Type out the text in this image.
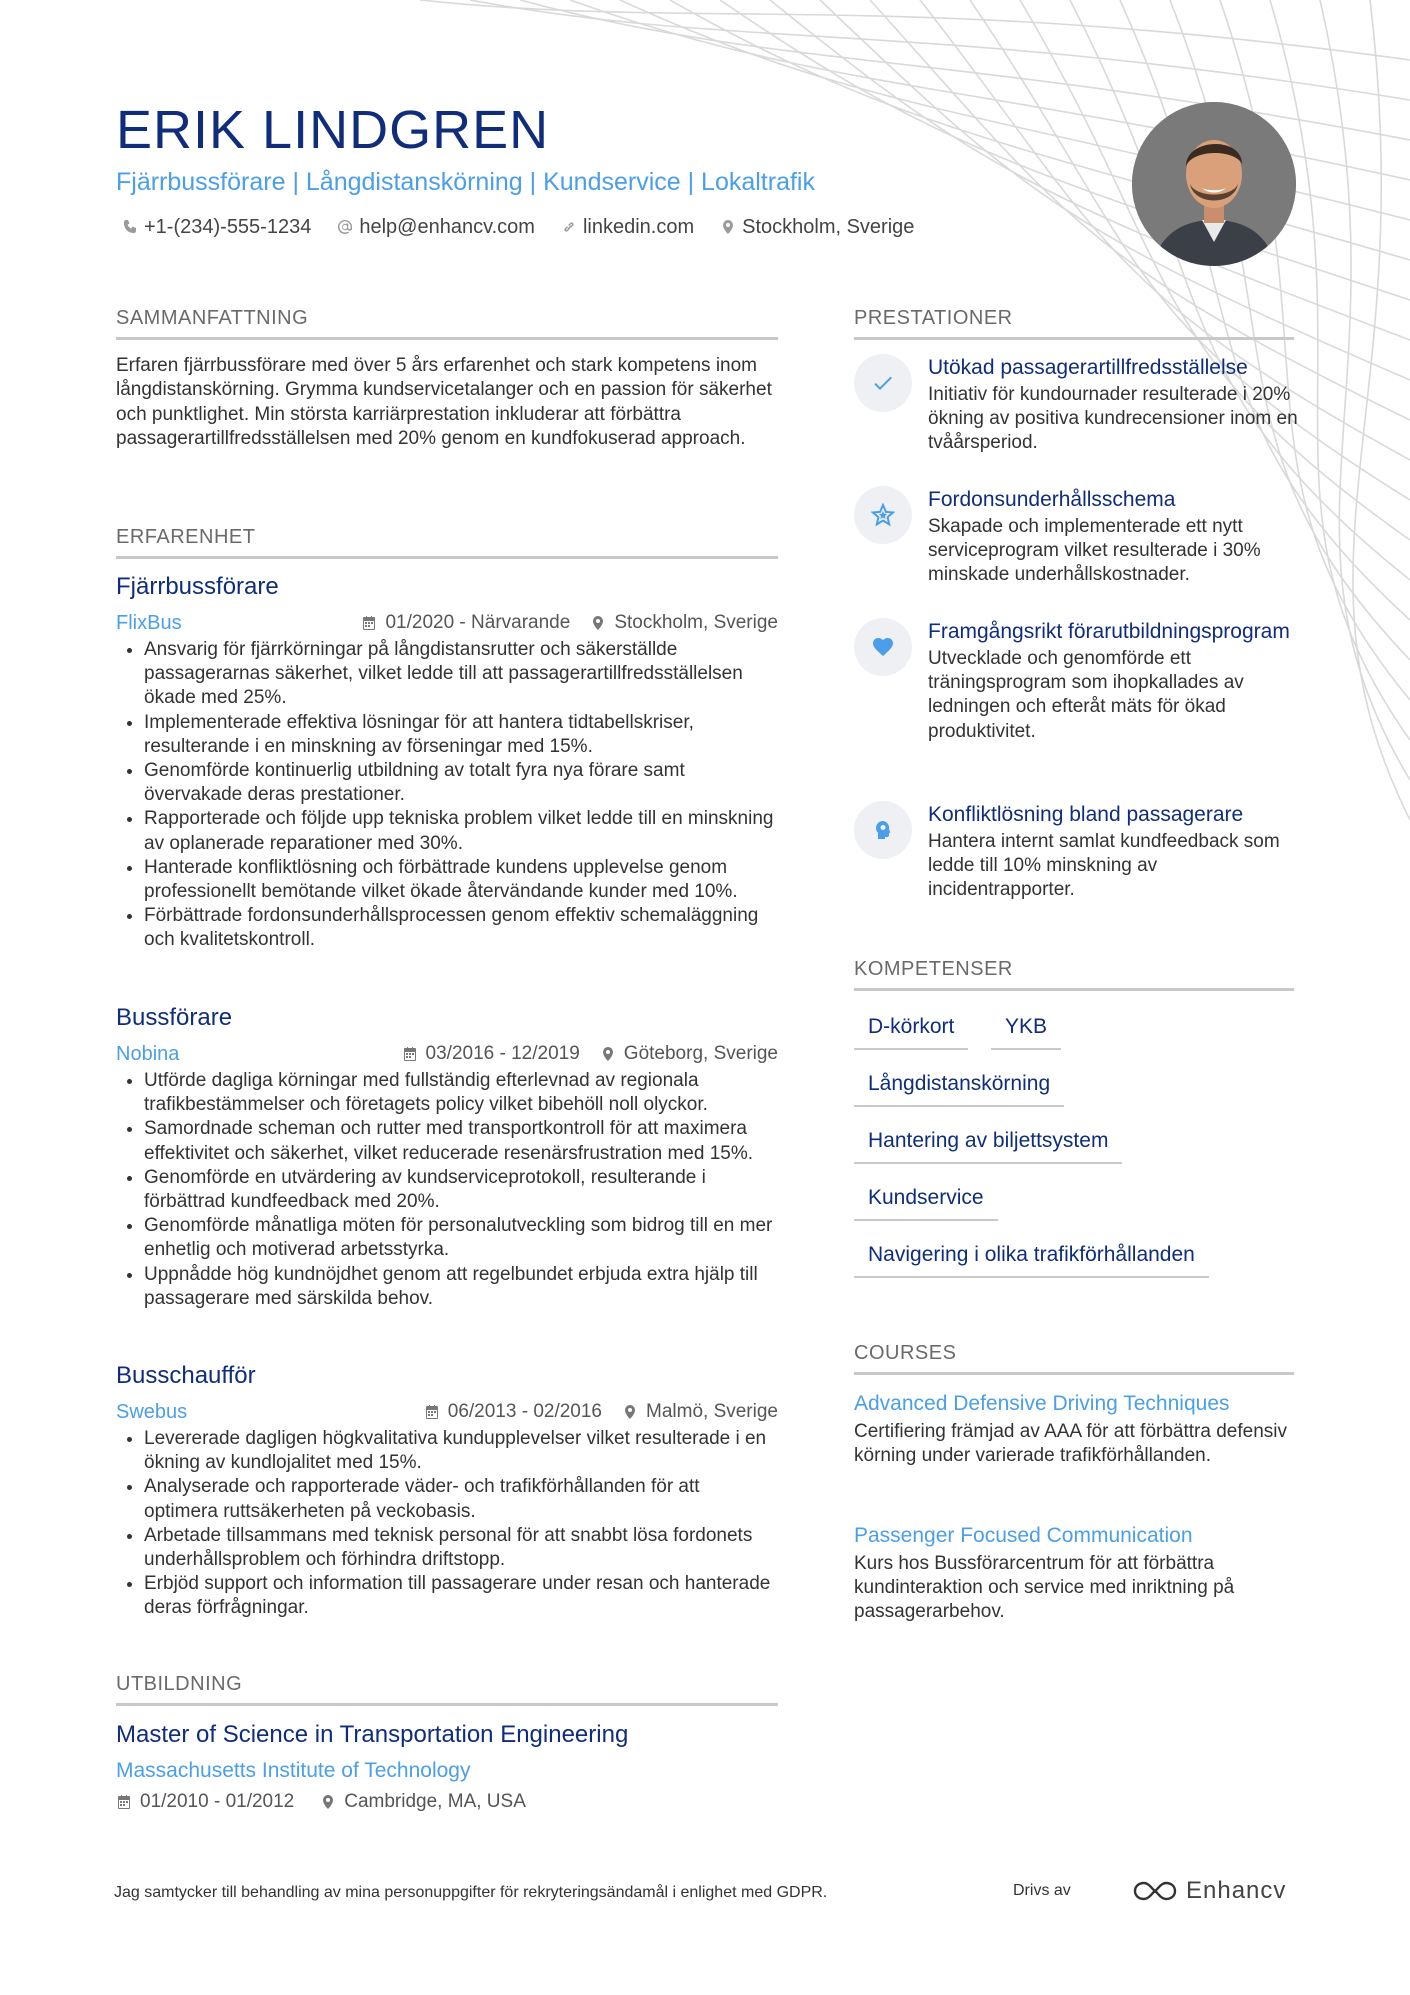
ERIK LINDGREN
Fjärrbussförare | Långdistanskörning | Kundservice | Lokaltrafik
+1-(234)-555-1234 help@enhancv.com linkedin.com Stockholm, Sverige
SAMMANFATTNING
Erfaren fjärrbussförare med över 5 års erfarenhet och stark kompetens inom långdistanskörning. Grymma kundservicetalanger och en passion för säkerhet och punktlighet. Min största karriärprestation inkluderar att förbättra passagerartillfredsställelsen med 20% genom en kundfokuserad approach.
ERFARENHET
Fjärrbussförare
FlixBus	01/2020 - Närvarande Stockholm, Sverige
• Ansvarig för fjärrkörningar på långdistansrutter och säkerställde passagerarnas säkerhet, vilket ledde till att passagerartillfredsställelsen ökade med 25%.
• Implementerade effektiva lösningar för att hantera tidtabellskriser, resulterande i en minskning av förseningar med 15%.
• Genomförde kontinuerlig utbildning av totalt fyra nya förare samt övervakade deras prestationer.
• Rapporterade och följde upp tekniska problem vilket ledde till en minskning av oplanerade reparationer med 30%.
• Hanterade konfliktlösning och förbättrade kundens upplevelse genom professionellt bemötande vilket ökade återvändande kunder med 10%.
• Förbättrade fordonsunderhållsprocessen genom effektiv schemaläggning och kvalitetskontroll.
Bussförare
Nobina	03/2016 - 12/2019 Göteborg, Sverige
• Utförde dagliga körningar med fullständig efterlevnad av regionala trafikbestämmelser och företagets policy vilket bibehöll noll olyckor.
• Samordnade scheman och rutter med transportkontroll för att maximera effektivitet och säkerhet, vilket reducerade resenärsfrustration med 15%.
• Genomförde en utvärdering av kundserviceprotokoll, resulterande i förbättrad kundfeedback med 20%.
• Genomförde månatliga möten för personalutveckling som bidrog till en mer enhetlig och motiverad arbetsstyrka.
• Uppnådde hög kundnöjdhet genom att regelbundet erbjuda extra hjälp till passagerare med särskilda behov.
Busschaufför
Swebus	06/2013 - 02/2016 Malmö, Sverige
• Levererade dagligen högkvalitativa kundupplevelser vilket resulterade i en ökning av kundlojalitet med 15%.
• Analyserade och rapporterade väder- och trafikförhållanden för att optimera ruttsäkerheten på veckobasis.
• Arbetade tillsammans med teknisk personal för att snabbt lösa fordonets underhållsproblem och förhindra driftstopp.
• Erbjöd support och information till passagerare under resan och hanterade deras förfrågningar.
UTBILDNING
Master of Science in Transportation Engineering
Massachusetts Institute of Technology
01/2010 - 01/2012	Cambridge, MA, USA
PRESTATIONER
Utökad passagerartillfredsställelse
Initiativ för kundournader resulterade i 20% ökning av positiva kundrecensioner inom en tvåårsperiod.
Fordonsunderhållsschema
Skapade och implementerade ett nytt serviceprogram vilket resulterade i 30% minskade underhållskostnader.
Framgångsrikt förarutbildningsprogram
Utvecklade och genomförde ett träningsprogram som ihopkallades av ledningen och efteråt mäts för ökad produktivitet.
Konfliktlösning bland passagerare
Hantera internt samlat kundfeedback som ledde till 10% minskning av incidentrapporter.
KOMPETENSER
D-körkort	YKB
Långdistanskörning
Hantering av biljettsystem
Kundservice
Navigering i olika trafikförhållanden
COURSES
Advanced Defensive Driving Techniques
Certifiering främjad av AAA för att förbättra defensiv körning under varierade trafikförhållanden.
Passenger Focused Communication
Kurs hos Bussförarcentrum för att förbättra kundinteraktion och service med inriktning på passagerarbehov.
Jag samtycker till behandling av mina personuppgifter för rekryteringsändamål i enlighet med GDPR.	Drivs av	Enhancv
